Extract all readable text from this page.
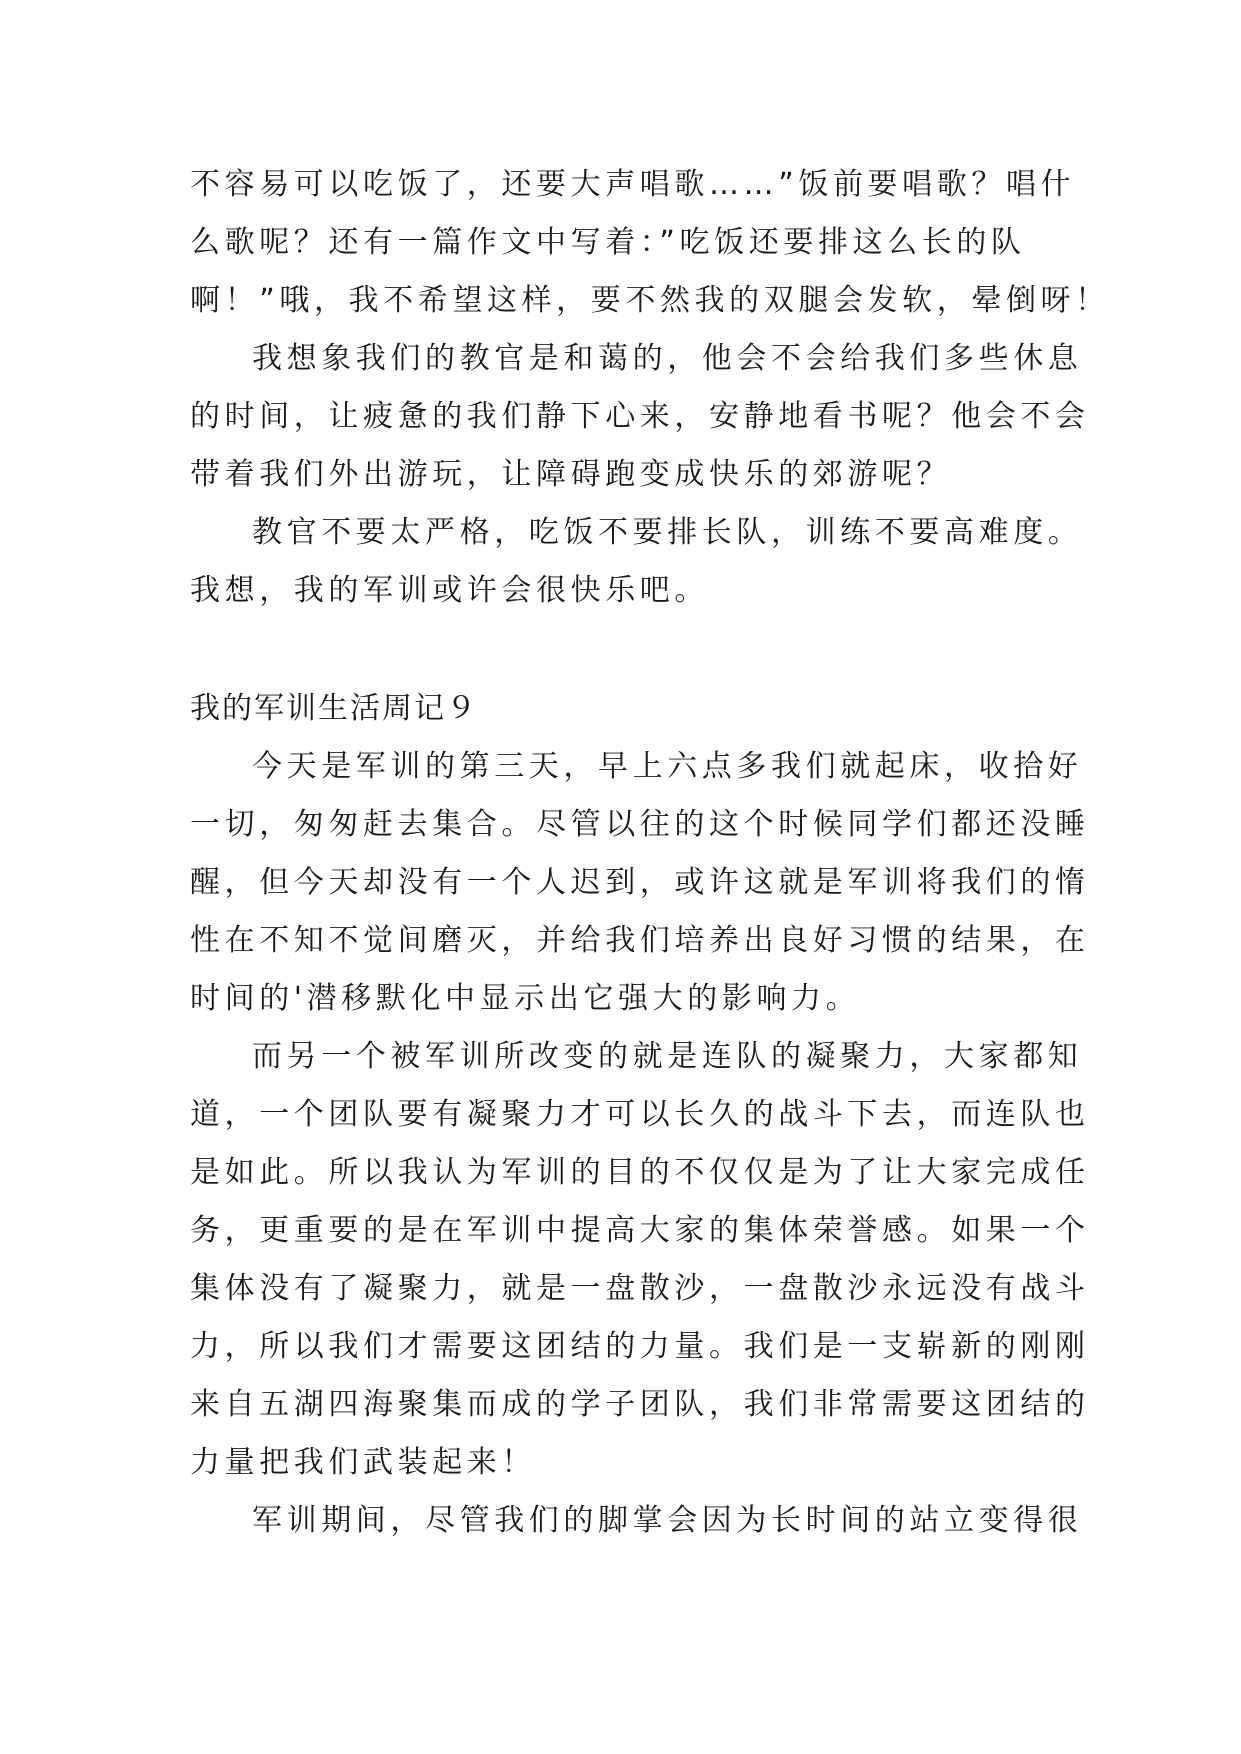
不容易可以吃饭了，还要大声唱歌……”饭前要唱歌？唱什
么歌呢？还有一篇作文中写着：”吃饭还要排这么长的队
啊！”哦，我不希望这样，要不然我的双腿会发软，晕倒呀！

我想象我们的教官是和蔼的，他会不会给我们多些休息
的时间，让疲惫的我们静下心来，安静地看书呢？他会不会
带着我们外出游玩，让障碍跑变成快乐的郊游呢？

教官不要太严格，吃饭不要排长队，训练不要高难度。
我想，我的军训或许会很快乐吧。

我的军训生活周记９

今天是军训的第三天，早上六点多我们就起床，收拾好
一切，匆匆赶去集合。尽管以往的这个时候同学们都还没睡
醒，但今天却没有一个人迟到，或许这就是军训将我们的惰
性在不知不觉间磨灭，并给我们培养出良好习惯的结果，在
时间的'潜移默化中显示出它强大的影响力。

而另一个被军训所改变的就是连队的凝聚力，大家都知
道，一个团队要有凝聚力才可以长久的战斗下去，而连队也
是如此。所以我认为军训的目的不仅仅是为了让大家完成任
务，更重要的是在军训中提高大家的集体荣誉感。如果一个
集体没有了凝聚力，就是一盘散沙，一盘散沙永远没有战斗
力，所以我们才需要这团结的力量。我们是一支崭新的刚刚
来自五湖四海聚集而成的学子团队，我们非常需要这团结的
力量把我们武装起来！

军训期间，尽管我们的脚掌会因为长时间的站立变得很
